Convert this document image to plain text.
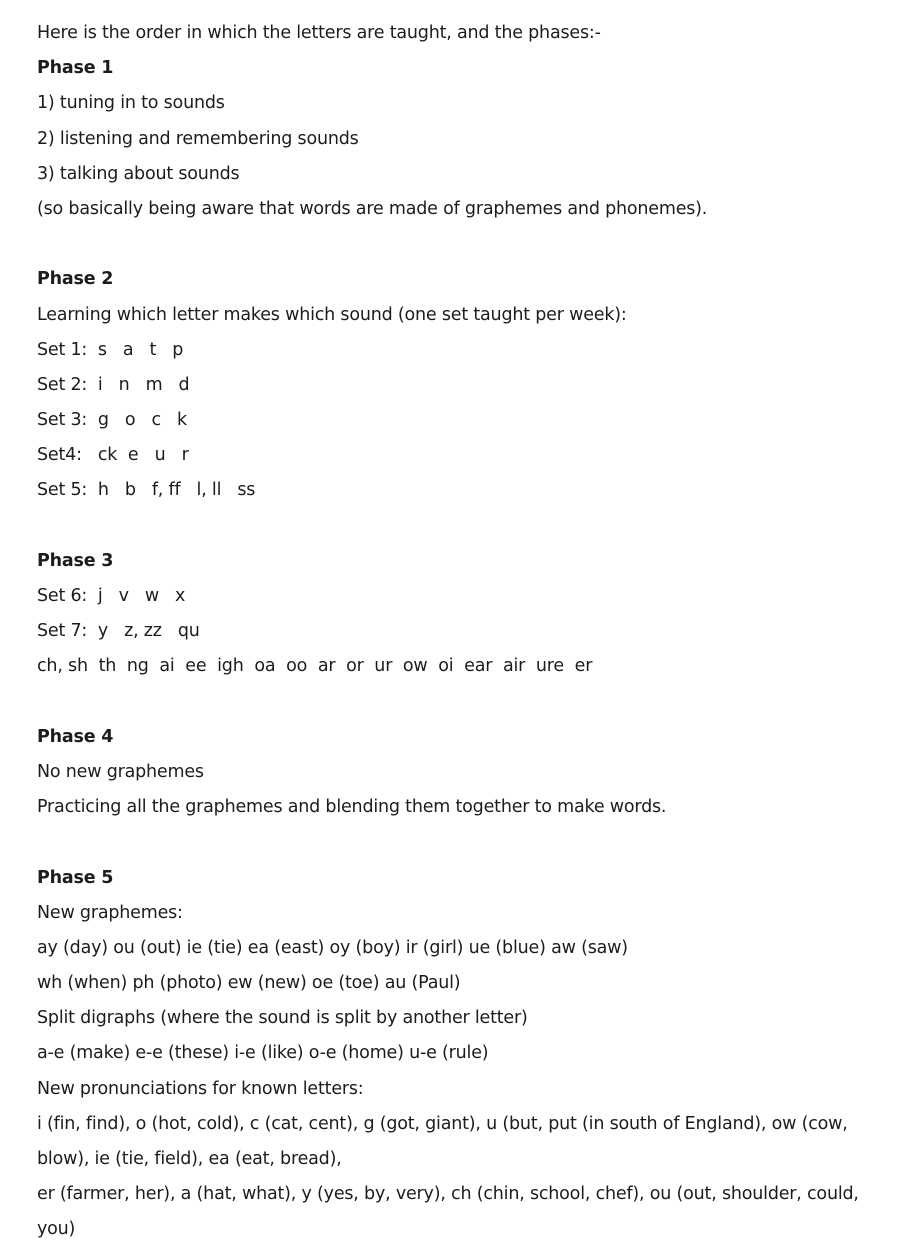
Here is the order in which the letters are taught, and the phases:-
Phase 1
1) tuning in to sounds
2) listening and remembering sounds
3) talking about sounds
(so basically being aware that words are made of graphemes and phonemes).
Phase 2
Learning which letter makes which sound (one set taught per week):
Set 1:  s   a   t   p
Set 2:  i   n   m   d
Set 3:  g   o   c   k
Set4:   ck  e   u   r
Set 5:  h   b   f, ff   l, ll   ss
Phase 3
Set 6:  j   v   w   x
Set 7:  y   z, zz   qu
ch, sh  th  ng  ai  ee  igh  oa  oo  ar  or  ur  ow  oi  ear  air  ure  er
Phase 4
No new graphemes
Practicing all the graphemes and blending them together to make words.
Phase 5
New graphemes:
ay (day) ou (out) ie (tie) ea (east) oy (boy) ir (girl) ue (blue) aw (saw)
wh (when) ph (photo) ew (new) oe (toe) au (Paul)
Split digraphs (where the sound is split by another letter)
a-e (make) e-e (these) i-e (like) o-e (home) u-e (rule)
New pronunciations for known letters:
i (fin, find), o (hot, cold), c (cat, cent), g (got, giant), u (but, put (in south of England), ow (cow, blow), ie (tie, field), ea (eat, bread),
er (farmer, her), a (hat, what), y (yes, by, very), ch (chin, school, chef), ou (out, shoulder, could, you)
